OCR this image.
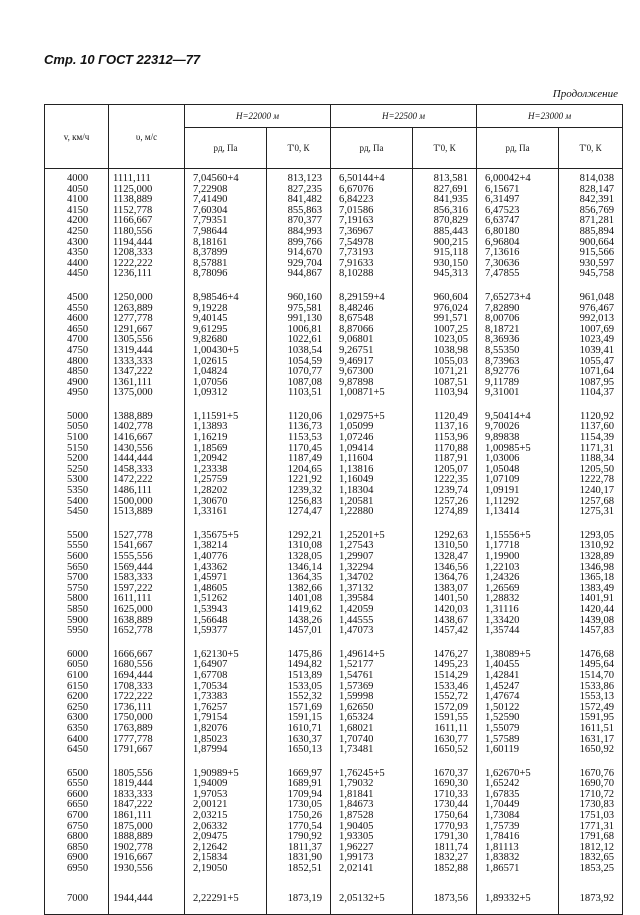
Стр. 10 ГОСТ 22312—77
Продолжение
v, км/ч	υ, м/с	H=22000 м		H=22500 м		H=23000 м	
		pд, Па	T'0, К	pд, Па	T'0, К	pд, Па	T'0, К

4000	1111,111	7,04560+4	813,123	6,50144+4	813,581	6,00042+4	814,038
4050	1125,000	7,22908	827,235	6,67076	827,691	6,15671	828,147
4100	1138,889	7,41490	841,482	6,84223	841,935	6,31497	842,391
4150	1152,778	7,60304	855,863	7,01586	856,316	6,47523	856,769
4200	1166,667	7,79351	870,377	7,19163	870,829	6,63747	871,281
4250	1180,556	7,98644	884,993	7,36967	885,443	6,80180	885,894
4300	1194,444	8,18161	899,766	7,54978	900,215	6,96804	900,664
4350	1208,333	8,37899	914,670	7,73193	915,118	7,13616	915,566
4400	1222,222	8,57881	929,704	7,91633	930,150	7,30636	930,597
4450	1236,111	8,78096	944,867	8,10288	945,313	7,47855	945,758

4500	1250,000	8,98546+4	960,160	8,29159+4	960,604	7,65273+4	961,048
4550	1263,889	9,19228	975,581	8,48246	976,024	7,82890	976,467
4600	1277,778	9,40145	991,130	8,67548	991,571	8,00706	992,013
4650	1291,667	9,61295	1006,81	8,87066	1007,25	8,18721	1007,69
4700	1305,556	9,82680	1022,61	9,06801	1023,05	8,36936	1023,49
4750	1319,444	1,00430+5	1038,54	9,26751	1038,98	8,55350	1039,41
4800	1333,333	1,02615	1054,59	9,46917	1055,03	8,73963	1055,47
4850	1347,222	1,04824	1070,77	9,67300	1071,21	8,92776	1071,64
4900	1361,111	1,07056	1087,08	9,87898	1087,51	9,11789	1087,95
4950	1375,000	1,09312	1103,51	1,00871+5	1103,94	9,31001	1104,37

5000	1388,889	1,11591+5	1120,06	1,02975+5	1120,49	9,50414+4	1120,92
5050	1402,778	1,13893	1136,73	1,05099	1137,16	9,70026	1137,60
5100	1416,667	1,16219	1153,53	1,07246	1153,96	9,89838	1154,39
5150	1430,556	1,18569	1170,45	1,09414	1170,88	1,00985+5	1171,31
5200	1444,444	1,20942	1187,49	1,11604	1187,91	1,03006	1188,34
5250	1458,333	1,23338	1204,65	1,13816	1205,07	1,05048	1205,50
5300	1472,222	1,25759	1221,92	1,16049	1222,35	1,07109	1222,78
5350	1486,111	1,28202	1239,32	1,18304	1239,74	1,09191	1240,17
5400	1500,000	1,30670	1256,83	1,20581	1257,26	1,11292	1257,68
5450	1513,889	1,33161	1274,47	1,22880	1274,89	1,13414	1275,31

5500	1527,778	1,35675+5	1292,21	1,25201+5	1292,63	1,15556+5	1293,05
5550	1541,667	1,38214	1310,08	1,27543	1310,50	1,17718	1310,92
5600	1555,556	1,40776	1328,05	1,29907	1328,47	1,19900	1328,89
5650	1569,444	1,43362	1346,14	1,32294	1346,56	1,22103	1346,98
5700	1583,333	1,45971	1364,35	1,34702	1364,76	1,24326	1365,18
5750	1597,222	1,48605	1382,66	1,37132	1383,07	1,26569	1383,49
5800	1611,111	1,51262	1401,08	1,39584	1401,50	1,28832	1401,91
5850	1625,000	1,53943	1419,62	1,42059	1420,03	1,31116	1420,44
5900	1638,889	1,56648	1438,26	1,44555	1438,67	1,33420	1439,08
5950	1652,778	1,59377	1457,01	1,47073	1457,42	1,35744	1457,83

6000	1666,667	1,62130+5	1475,86	1,49614+5	1476,27	1,38089+5	1476,68
6050	1680,556	1,64907	1494,82	1,52177	1495,23	1,40455	1495,64
6100	1694,444	1,67708	1513,89	1,54761	1514,29	1,42841	1514,70
6150	1708,333	1,70534	1533,05	1,57369	1533,46	1,45247	1533,86
6200	1722,222	1,73383	1552,32	1,59998	1552,72	1,47674	1553,13
6250	1736,111	1,76257	1571,69	1,62650	1572,09	1,50122	1572,49
6300	1750,000	1,79154	1591,15	1,65324	1591,55	1,52590	1591,95
6350	1763,889	1,82076	1610,71	1,68021	1611,11	1,55079	1611,51
6400	1777,778	1,85023	1630,37	1,70740	1630,77	1,57589	1631,17
6450	1791,667	1,87994	1650,13	1,73481	1650,52	1,60119	1650,92

6500	1805,556	1,90989+5	1669,97	1,76245+5	1670,37	1,62670+5	1670,76
6550	1819,444	1,94009	1689,91	1,79032	1690,30	1,65242	1690,70
6600	1833,333	1,97053	1709,94	1,81841	1710,33	1,67835	1710,72
6650	1847,222	2,00121	1730,05	1,84673	1730,44	1,70449	1730,83
6700	1861,111	2,03215	1750,26	1,87528	1750,64	1,73084	1751,03
6750	1875,000	2,06332	1770,54	1,90405	1770,93	1,75739	1771,31
6800	1888,889	2,09475	1790,92	1,93305	1791,30	1,78416	1791,68
6850	1902,778	2,12642	1811,37	1,96227	1811,74	1,81113	1812,12
6900	1916,667	2,15834	1831,90	1,99173	1832,27	1,83832	1832,65
6950	1930,556	2,19050	1852,51	2,02141	1852,88	1,86571	1853,25

7000	1944,444	2,22291+5	1873,19	2,05132+5	1873,56	1,89332+5	1873,92
